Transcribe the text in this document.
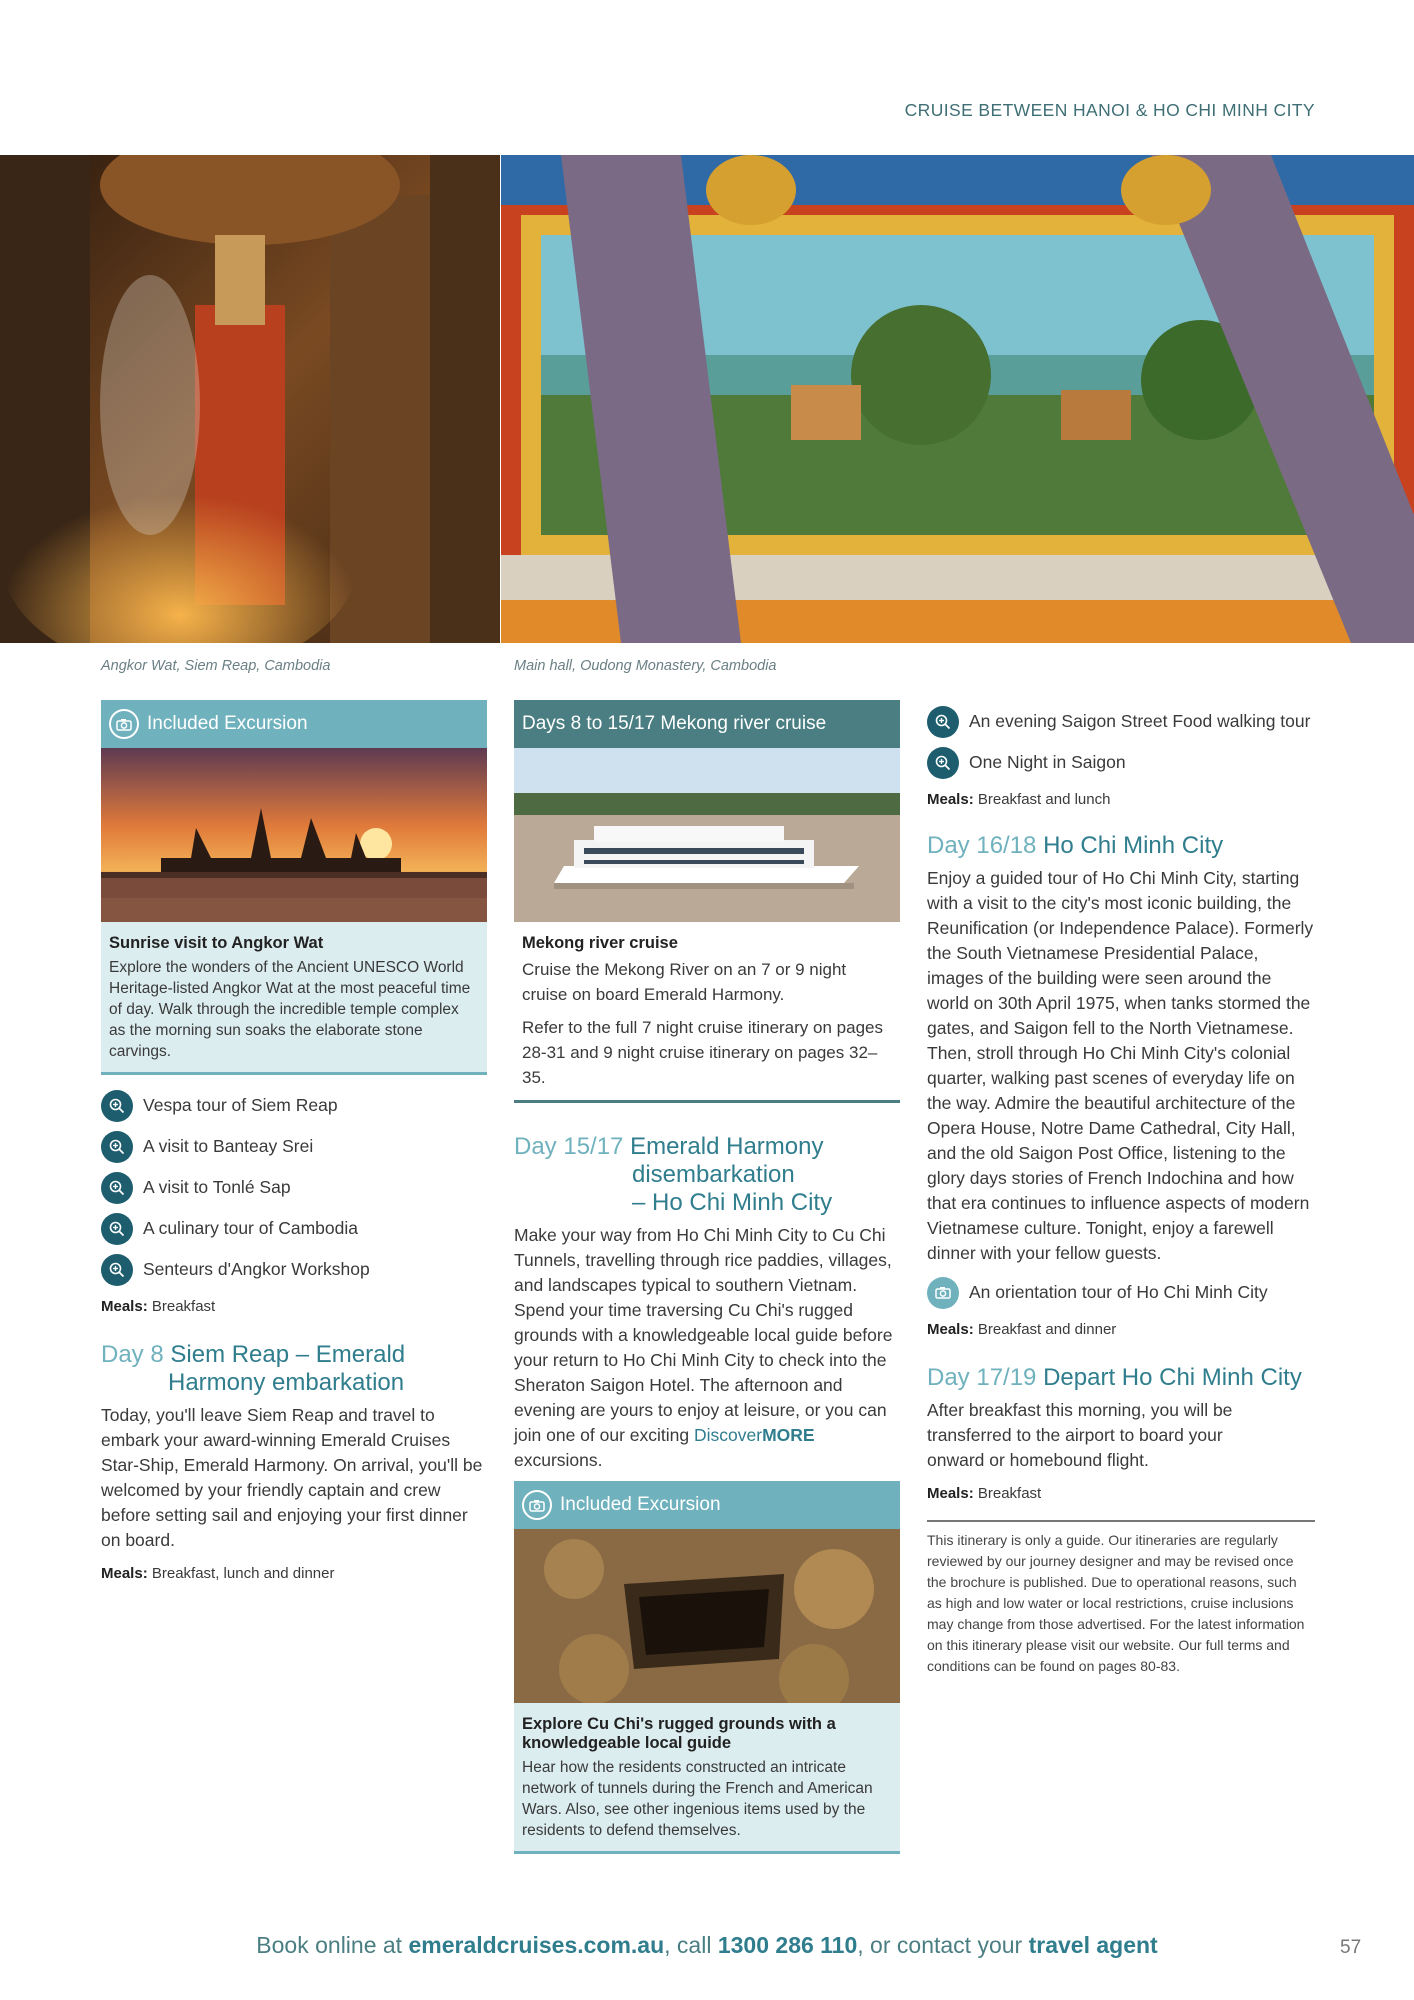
CRUISE BETWEEN HANOI & HO CHI MINH CITY
Angkor Wat, Siem Reap, Cambodia	Main hall, Oudong Monastery, Cambodia
Included Excursion
Sunrise visit to Angkor Wat
Explore the wonders of the Ancient UNESCO World Heritage-listed Angkor Wat at the most peaceful time of day. Walk through the incredible temple complex as the morning sun soaks the elaborate stone carvings.
Vespa tour of Siem Reap
A visit to Banteay Srei
A visit to Tonlé Sap
A culinary tour of Cambodia
Senteurs d'Angkor Workshop
Meals: Breakfast
Day 8 Siem Reap – Emerald
Harmony embarkation
Today, you'll leave Siem Reap and travel to embark your award-winning Emerald Cruises Star-Ship, Emerald Harmony. On arrival, you'll be welcomed by your friendly captain and crew before setting sail and enjoying your first dinner on board.
Meals: Breakfast, lunch and dinner
Days 8 to 15/17 Mekong river cruise
Mekong river cruise
Cruise the Mekong River on an 7 or 9 night cruise on board Emerald Harmony.
Refer to the full 7 night cruise itinerary on pages 28-31 and 9 night cruise itinerary on pages 32–35.
Day 15/17 Emerald Harmony
disembarkation
– Ho Chi Minh City
Make your way from Ho Chi Minh City to Cu Chi Tunnels, travelling through rice paddies, villages, and landscapes typical to southern Vietnam. Spend your time traversing Cu Chi's rugged grounds with a knowledgeable local guide before your return to Ho Chi Minh City to check into the Sheraton Saigon Hotel. The afternoon and evening are yours to enjoy at leisure, or you can join one of our exciting DiscoverMORE excursions.
Included Excursion
Explore Cu Chi's rugged grounds with a knowledgeable local guide
Hear how the residents constructed an intricate network of tunnels during the French and American Wars. Also, see other ingenious items used by the residents to defend themselves.
An evening Saigon Street Food walking tour
One Night in Saigon
Meals: Breakfast and lunch
Day 16/18 Ho Chi Minh City
Enjoy a guided tour of Ho Chi Minh City, starting with a visit to the city's most iconic building, the Reunification (or Independence Palace). Formerly the South Vietnamese Presidential Palace, images of the building were seen around the world on 30th April 1975, when tanks stormed the gates, and Saigon fell to the North Vietnamese. Then, stroll through Ho Chi Minh City's colonial quarter, walking past scenes of everyday life on the way. Admire the beautiful architecture of the Opera House, Notre Dame Cathedral, City Hall, and the old Saigon Post Office, listening to the glory days stories of French Indochina and how that era continues to influence aspects of modern Vietnamese culture. Tonight, enjoy a farewell dinner with your fellow guests.
An orientation tour of Ho Chi Minh City
Meals: Breakfast and dinner
Day 17/19 Depart Ho Chi Minh City
After breakfast this morning, you will be transferred to the airport to board your onward or homebound flight.
Meals: Breakfast
This itinerary is only a guide. Our itineraries are regularly reviewed by our journey designer and may be revised once the brochure is published. Due to operational reasons, such as high and low water or local restrictions, cruise inclusions may change from those advertised. For the latest information on this itinerary please visit our website. Our full terms and conditions can be found on pages 80-83.
Book online at emeraldcruises.com.au, call 1300 286 110, or contact your travel agent	57
